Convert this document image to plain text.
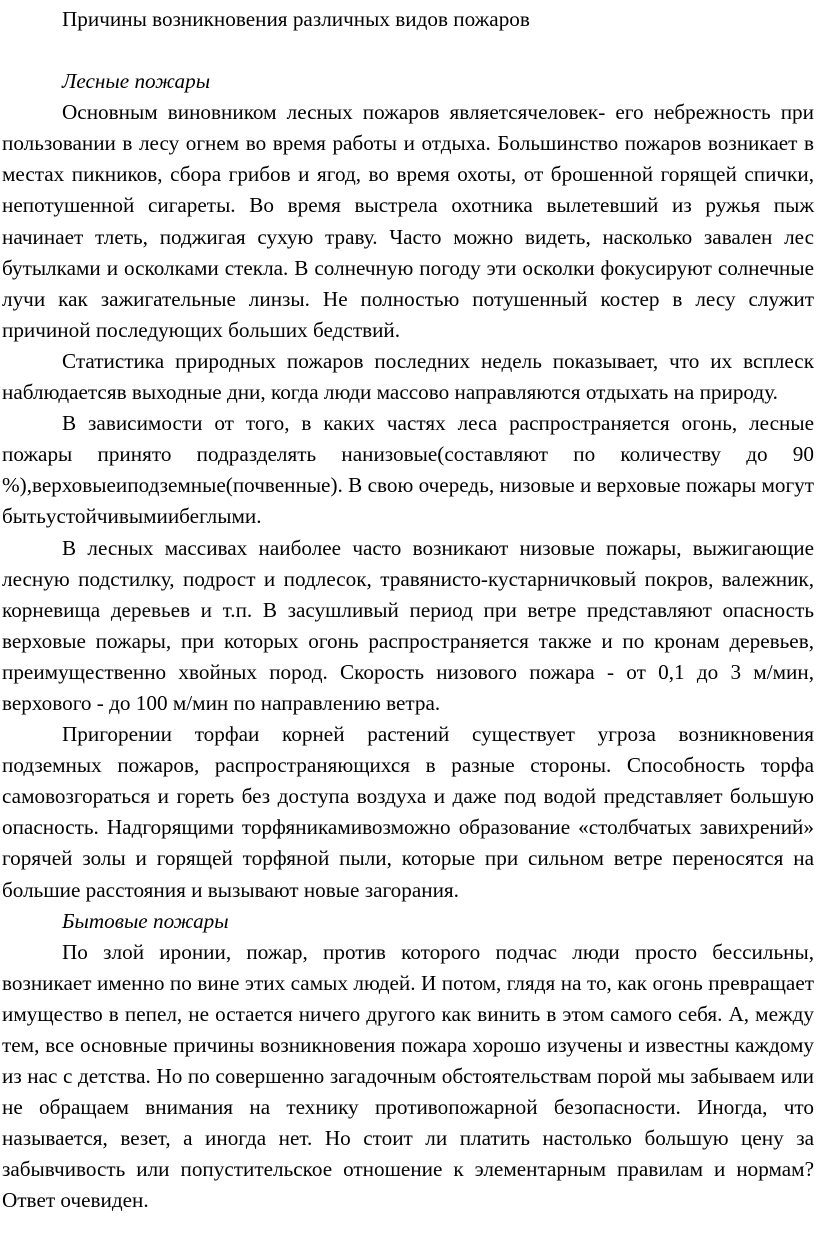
Причины возникновения различных видов пожаров

Лесные пожары

Основным виновником лесных пожаров являетсячеловек- его небрежность при пользовании в лесу огнем во время работы и отдыха. Большинство пожаров возникает в местах пикников, сбора грибов и ягод, во время охоты, от брошенной горящей спички, непотушенной сигареты. Во время выстрела охотника вылетевший из ружья пыж начинает тлеть, поджигая сухую траву. Часто можно видеть, насколько завален лес бутылками и осколками стекла. В солнечную погоду эти осколки фокусируют солнечные лучи как зажигательные линзы. Не полностью потушенный костер в лесу служит причиной последующих больших бедствий.

Статистика природных пожаров последних недель показывает, что их всплеск наблюдаетсяв выходные дни, когда люди массово направляются отдыхать на природу.

В зависимости от того, в каких частях леса распространяется огонь, лесные пожары принято подразделять нанизовые(составляют по количеству до 90 %),верховыеиподземные(почвенные). В свою очередь, низовые и верховые пожары могут бытьустойчивымиибеглыми.

В лесных массивах наиболее часто возникают низовые пожары, выжигающие лесную подстилку, подрост и подлесок, травянисто-кустарничковый покров, валежник, корневища деревьев и т.п. В засушливый период при ветре представляют опасность верховые пожары, при которых огонь распространяется также и по кронам деревьев, преимущественно хвойных пород. Скорость низового пожара - от 0,1 до 3 м/мин, верхового - до 100 м/мин по направлению ветра.

Пригорении торфаи корней растений существует угроза возникновения подземных пожаров, распространяющихся в разные стороны. Способность торфа самовозгораться и гореть без доступа воздуха и даже под водой представляет большую опасность. Надгорящими торфяникамивозможно образование «столбчатых завихрений» горячей золы и горящей торфяной пыли, которые при сильном ветре переносятся на большие расстояния и вызывают новые загорания.

Бытовые пожары

По злой иронии, пожар, против которого подчас люди просто бессильны, возникает именно по вине этих самых людей. И потом, глядя на то, как огонь превращает имущество в пепел, не остается ничего другого как винить в этом самого себя. А, между тем, все основные причины возникновения пожара хорошо изучены и известны каждому из нас с детства. Но по совершенно загадочным обстоятельствам порой мы забываем или не обращаем внимания на технику противопожарной безопасности. Иногда, что называется, везет, а иногда нет. Но стоит ли платить настолько большую цену за забывчивость или попустительское отношение к элементарным правилам и нормам? Ответ очевиден.
